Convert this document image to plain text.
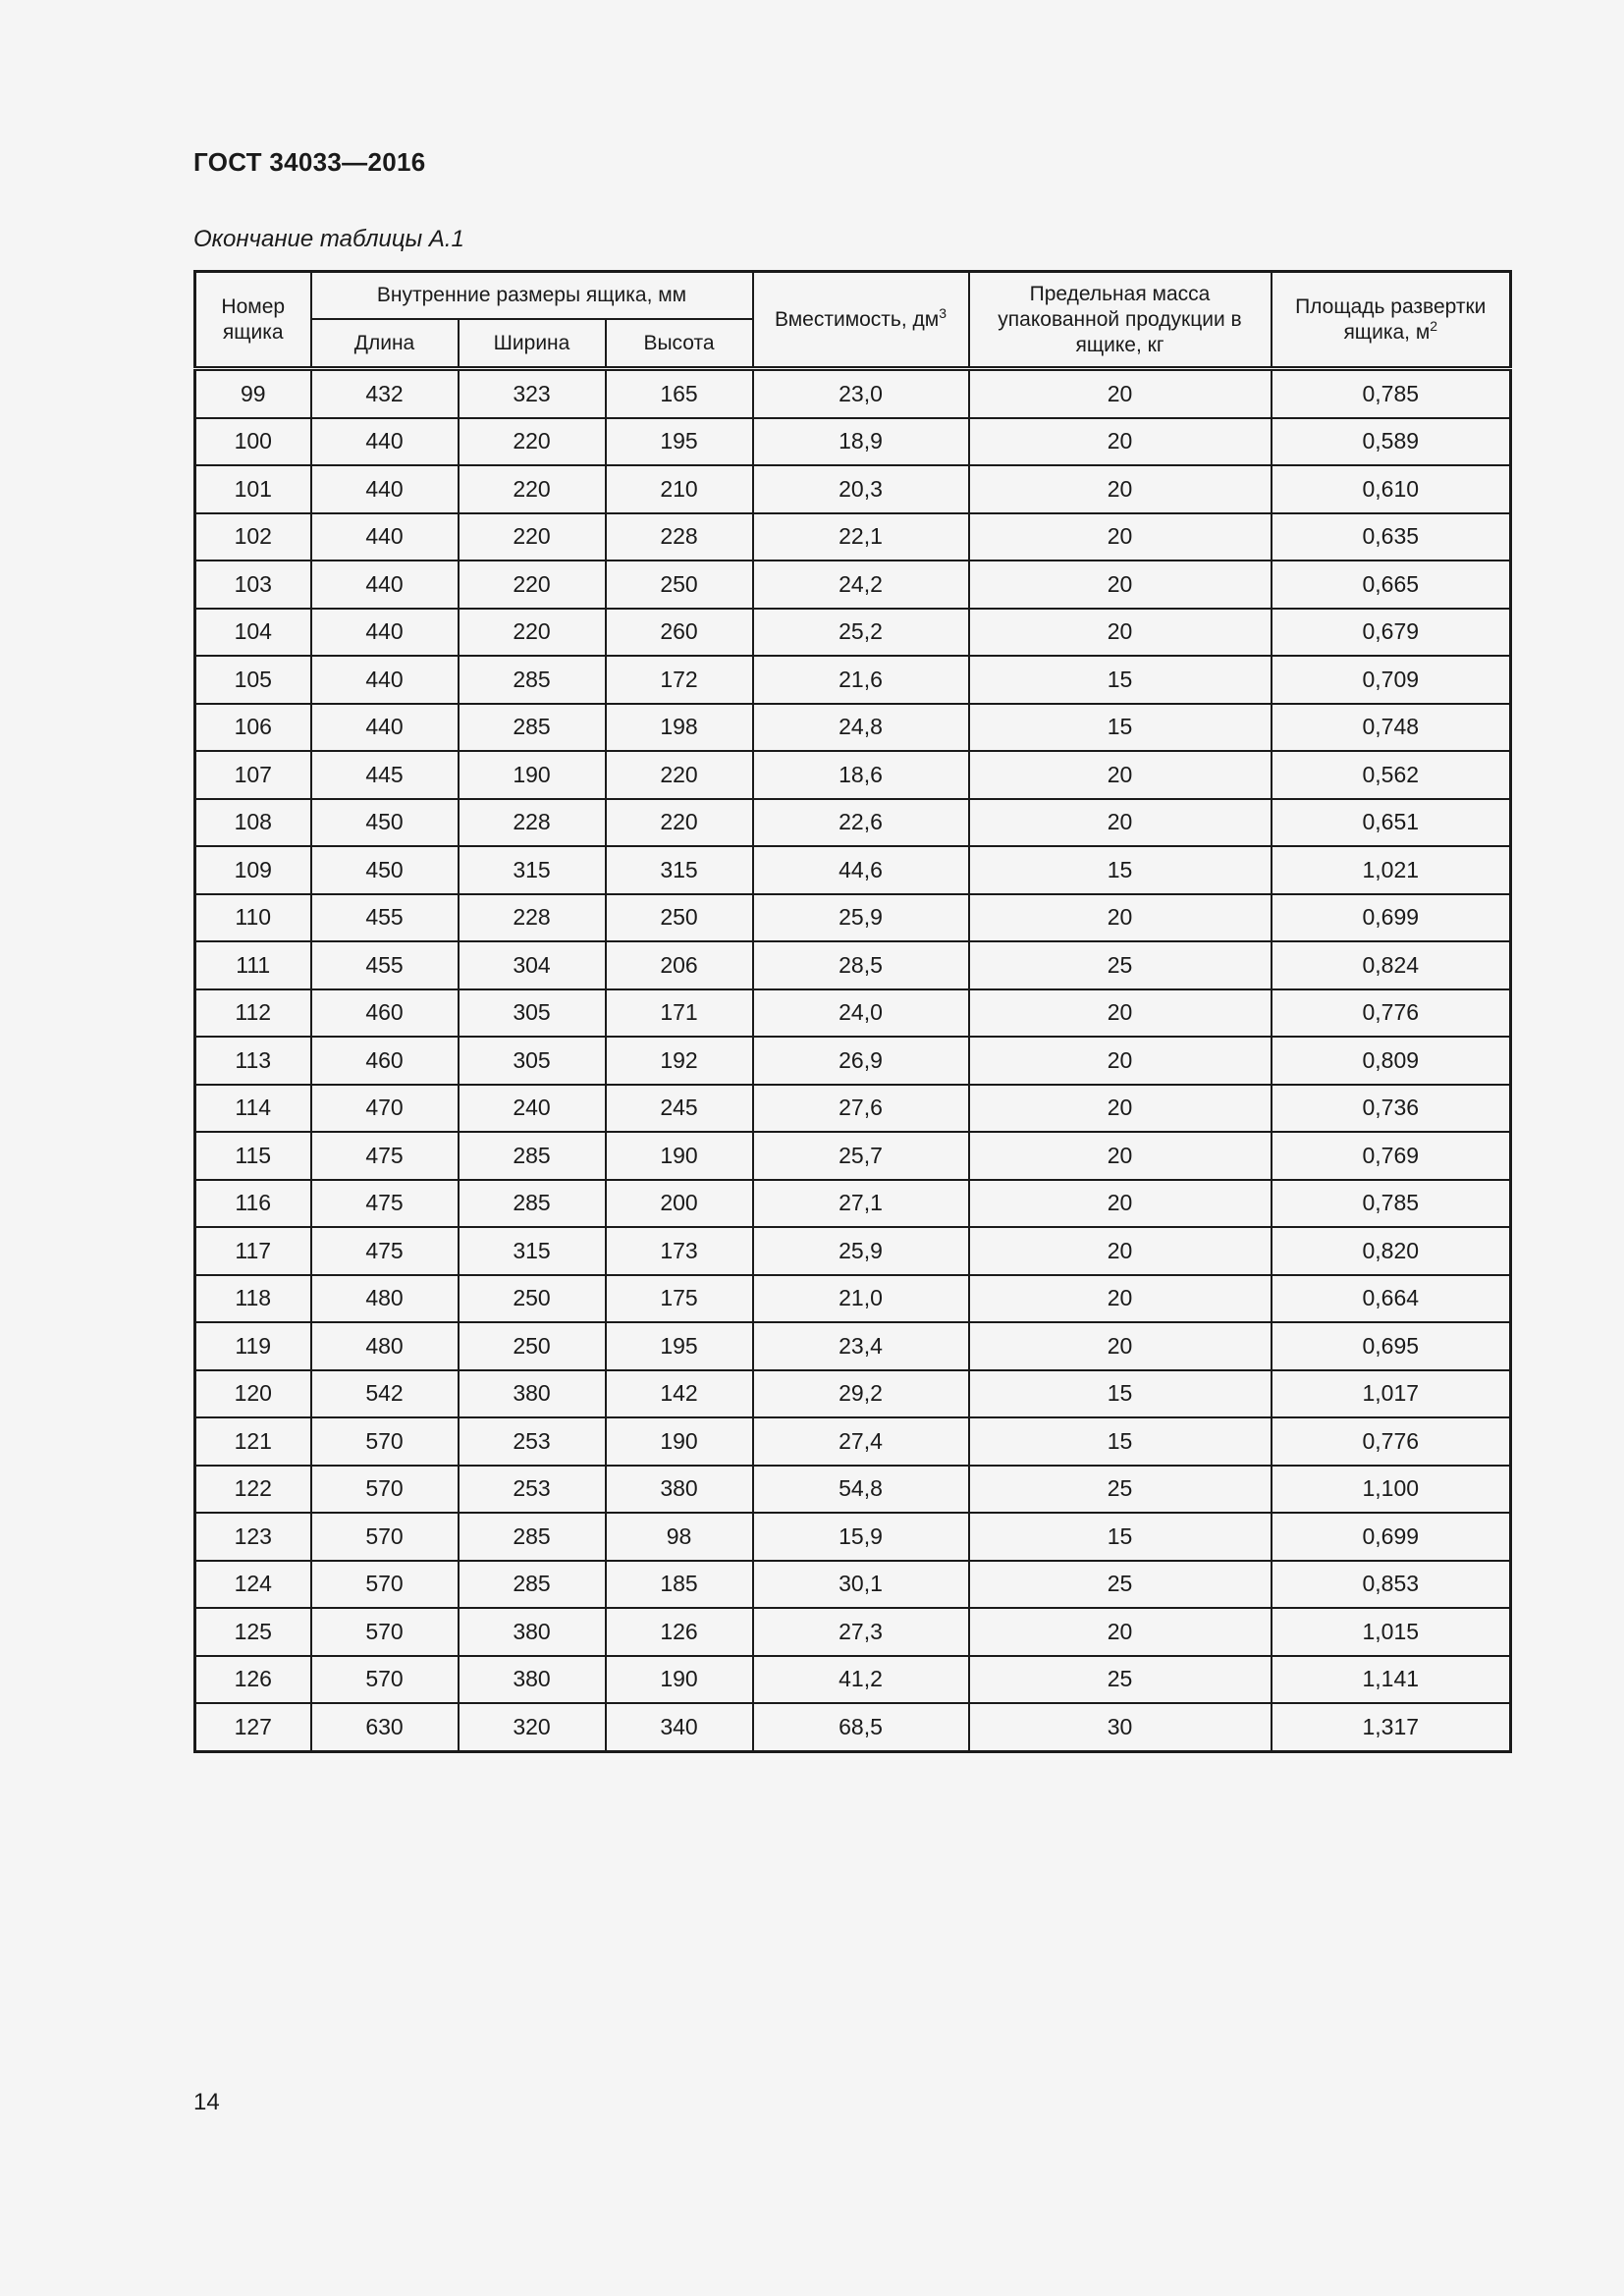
ГОСТ 34033—2016
Окончание таблицы А.1
Номер ящика	Внутренние размеры ящика, мм			Вместимость, $дм^3$	Предельная масса упакованной продукции в ящике, кг	Площадь развертки ящика, $м^2$
	Длина	Ширина	Высота			
99	432	323	165	23,0	20	0,785
100	440	220	195	18,9	20	0,589
101	440	220	210	20,3	20	0,610
102	440	220	228	22,1	20	0,635
103	440	220	250	24,2	20	0,665
104	440	220	260	25,2	20	0,679
105	440	285	172	21,6	15	0,709
106	440	285	198	24,8	15	0,748
107	445	190	220	18,6	20	0,562
108	450	228	220	22,6	20	0,651
109	450	315	315	44,6	15	1,021
110	455	228	250	25,9	20	0,699
111	455	304	206	28,5	25	0,824
112	460	305	171	24,0	20	0,776
113	460	305	192	26,9	20	0,809
114	470	240	245	27,6	20	0,736
115	475	285	190	25,7	20	0,769
116	475	285	200	27,1	20	0,785
117	475	315	173	25,9	20	0,820
118	480	250	175	21,0	20	0,664
119	480	250	195	23,4	20	0,695
120	542	380	142	29,2	15	1,017
121	570	253	190	27,4	15	0,776
122	570	253	380	54,8	25	1,100
123	570	285	98	15,9	15	0,699
124	570	285	185	30,1	25	0,853
125	570	380	126	27,3	20	1,015
126	570	380	190	41,2	25	1,141
127	630	320	340	68,5	30	1,317
14
